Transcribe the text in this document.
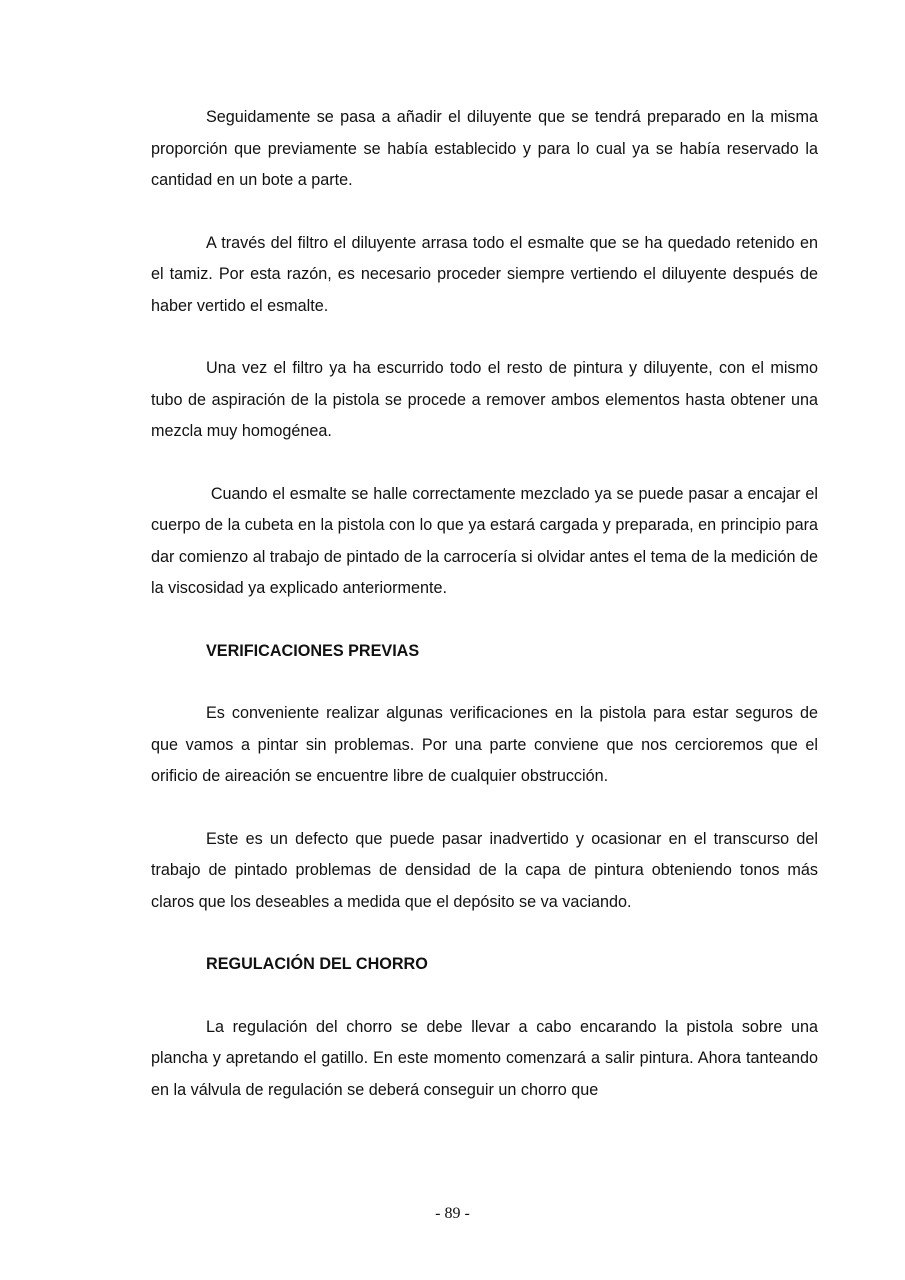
Seguidamente se pasa a añadir el diluyente que se tendrá preparado en la misma proporción que previamente se había establecido y para lo cual ya se había reservado la cantidad en un bote a parte.

A través del filtro el diluyente arrasa todo el esmalte que se ha quedado retenido en el tamiz. Por esta razón, es necesario proceder siempre vertiendo el diluyente después de haber vertido el esmalte.

Una vez el filtro ya ha escurrido todo el resto de pintura y diluyente, con el mismo tubo de aspiración de la pistola se procede a remover ambos elementos hasta obtener una mezcla muy homogénea.

Cuando el esmalte se halle correctamente mezclado ya se puede pasar a encajar el cuerpo de la cubeta en la pistola con lo que ya estará cargada y preparada, en principio para dar comienzo al trabajo de pintado de la carrocería si olvidar antes el tema de la medición de la viscosidad ya explicado anteriormente.

VERIFICACIONES PREVIAS

Es conveniente realizar algunas verificaciones en la pistola para estar seguros de que vamos a pintar sin problemas. Por una parte conviene que nos cercioremos que el orificio de aireación se encuentre libre de cualquier obstrucción.

Este es un defecto que puede pasar inadvertido y ocasionar en el transcurso del trabajo de pintado problemas de densidad de la capa de pintura obteniendo tonos más claros que los deseables a medida que el depósito se va vaciando.

REGULACIÓN DEL CHORRO

La regulación del chorro se debe llevar a cabo encarando la pistola sobre una plancha y apretando el gatillo. En este momento comenzará a salir pintura. Ahora tanteando en la válvula de regulación se deberá conseguir un chorro que

- 89 -
